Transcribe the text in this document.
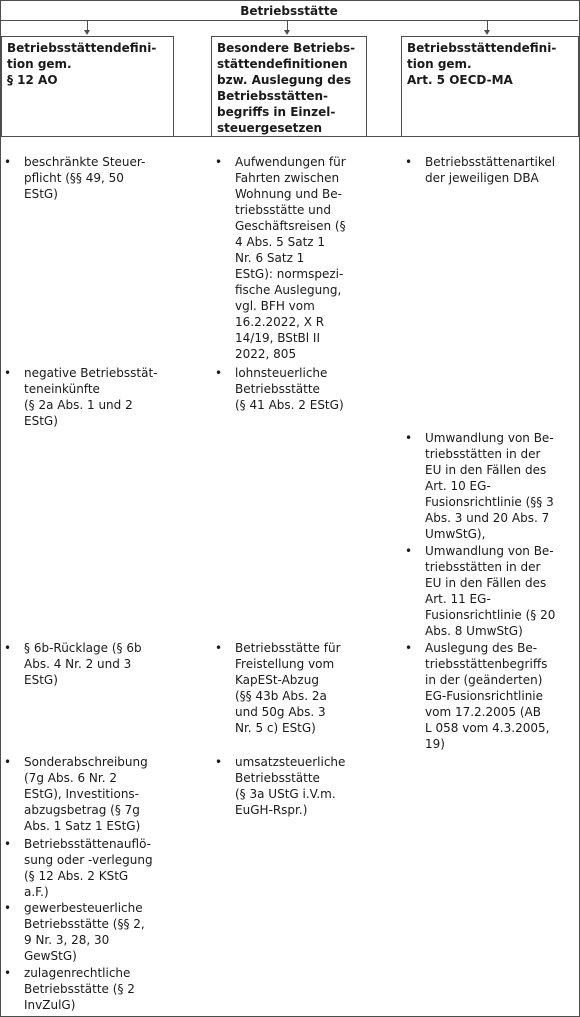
Betriebsstätte
Betriebsstättendefini-
tion gem.
§ 12 AO
Besondere Betriebs-
stättendefinitionen
bzw. Auslegung des
Betriebsstätten-
begriffs in Einzel-
steuergesetzen
Betriebsstättendefini-
tion gem.
Art. 5 OECD-MA
• beschränkte Steuer-
pflicht (§§ 49, 50
EStG)
• negative Betriebsstät-
teneinkünfte
(§ 2a Abs. 1 und 2
EStG)
• § 6b-Rücklage (§ 6b
Abs. 4 Nr. 2 und 3
EStG)
• Sonderabschreibung
(7g Abs. 6 Nr. 2
EStG), Investitions-
abzugsbetrag (§ 7g
Abs. 1 Satz 1 EStG)
• Betriebsstättenauflö-
sung oder -verlegung
(§ 12 Abs. 2 KStG
a.F.)
• gewerbesteuerliche
Betriebsstätte (§§ 2,
9 Nr. 3, 28, 30
GewStG)
• zulagenrechtliche
Betriebsstätte (§ 2
InvZulG)
• Aufwendungen für
Fahrten zwischen
Wohnung und Be-
triebsstätte und
Geschäftsreisen (§
4 Abs. 5 Satz 1
Nr. 6 Satz 1
EStG): normspezi-
fische Auslegung,
vgl. BFH vom
16.2.2022, X R
14/19, BStBl II
2022, 805
• lohnsteuerliche
Betriebsstätte
(§ 41 Abs. 2 EStG)
• Betriebsstätte für
Freistellung vom
KapESt-Abzug
(§§ 43b Abs. 2a
und 50g Abs. 3
Nr. 5 c) EStG)
• umsatzsteuerliche
Betriebsstätte
(§ 3a UStG i.V.m.
EuGH-Rspr.)
• Betriebsstättenartikel
der jeweiligen DBA
• Umwandlung von Be-
triebsstätten in der
EU in den Fällen des
Art. 10 EG-
Fusionsrichtlinie (§§ 3
Abs. 3 und 20 Abs. 7
UmwStG),
• Umwandlung von Be-
triebsstätten in der
EU in den Fällen des
Art. 11 EG-
Fusionsrichtlinie (§ 20
Abs. 8 UmwStG)
• Auslegung des Be-
triebsstättenbegriffs
in der (geänderten)
EG-Fusionsrichtlinie
vom 17.2.2005 (AB
L 058 vom 4.3.2005,
19)
